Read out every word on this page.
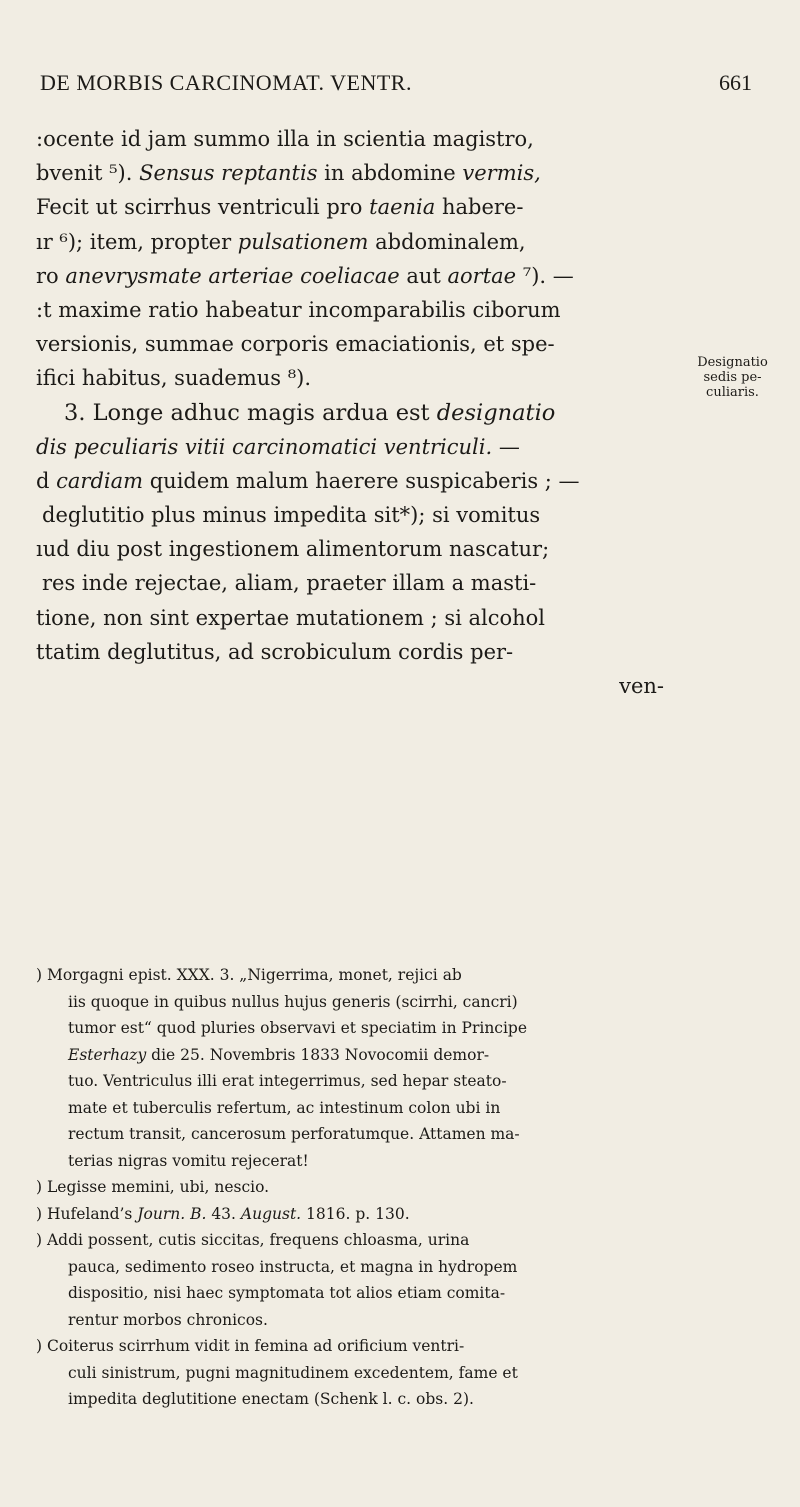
DE MORBIS CARCINOMAT. VENTR.	661
:ocente id jam summo illa in scientia magistro,
bvenit ⁵). Sensus reptantis in abdomine vermis,
Fecit ut scirrhus ventriculi pro taenia habere-
ır ⁶); item, propter pulsationem abdominalem,
ro anevrysmate arteriae coeliacae aut aortae ⁷). —
:t maxime ratio habeatur incomparabilis ciborum
versionis, summae corporis emaciationis, et spe-
ifici habitus, suademus ⁸).
3. Longe adhuc magis ardua est designatio
dis peculiaris vitii carcinomatici ventriculi. —
d cardiam quidem malum haerere suspicaberis ; —
deglutitio plus minus impedita sit*); si vomitus
ıud diu post ingestionem alimentorum nascatur;
res inde rejectae, aliam, praeter illam a masti-
tione, non sint expertae mutationem ; si alcohol
ttatim deglutitus, ad scrobiculum cordis per-
ven-
Designatio
sedis pe-
culiaris.
) Morgagni epist. XXX. 3. „Nigerrima, monet, rejici ab
iis quoque in quibus nullus hujus generis (scirrhi, cancri)
tumor est“ quod pluries observavi et speciatim in Principe
Esterhazy die 25. Novembris 1833 Novocomii demor-
tuo. Ventriculus illi erat integerrimus, sed hepar steato-
mate et tuberculis refertum, ac intestinum colon ubi in
rectum transit, cancerosum perforatumque. Attamen ma-
terias nigras vomitu rejecerat!
) Legisse memini, ubi, nescio.
) Hufeland’s Journ. B. 43. August. 1816. p. 130.
) Addi possent, cutis siccitas, frequens chloasma, urina
pauca, sedimento roseo instructa, et magna in hydropem
dispositio, nisi haec symptomata tot alios etiam comita-
rentur morbos chronicos.
) Coiterus scirrhum vidit in femina ad orificium ventri-
culi sinistrum, pugni magnitudinem excedentem, fame et
impedita deglutitione enectam (Schenk l. c. obs. 2).
